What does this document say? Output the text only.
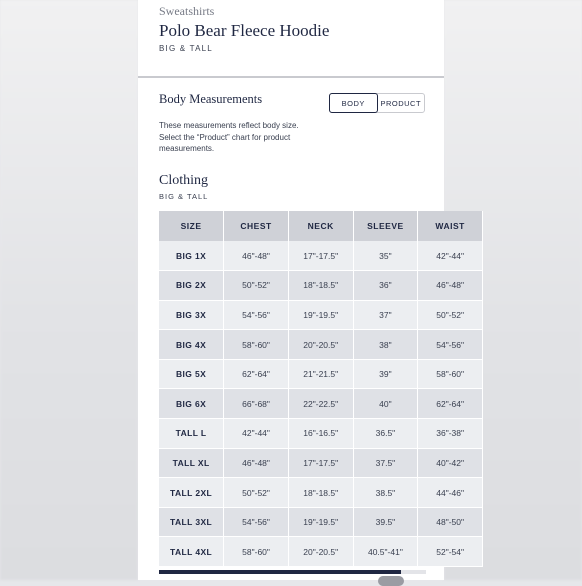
Sweatshirts
Polo Bear Fleece Hoodie
BIG & TALL
Body Measurements
These measurements reflect body size. Select the “Product” chart for product measurements.
BODY	PRODUCT
Clothing
BIG & TALL
SIZE	CHEST	NECK	SLEEVE	WAIST
BIG 1X	46"-48"	17"-17.5"	35"	42"-44"
BIG 2X	50"-52"	18"-18.5"	36"	46"-48"
BIG 3X	54"-56"	19"-19.5"	37"	50"-52"
BIG 4X	58"-60"	20"-20.5"	38"	54"-56"
BIG 5X	62"-64"	21"-21.5"	39"	58"-60"
BIG 6X	66"-68"	22"-22.5"	40"	62"-64"
TALL L	42"-44"	16"-16.5"	36.5"	36"-38"
TALL XL	46"-48"	17"-17.5"	37.5"	40"-42"
TALL 2XL	50"-52"	18"-18.5"	38.5"	44"-46"
TALL 3XL	54"-56"	19"-19.5"	39.5"	48"-50"
TALL 4XL	58"-60"	20"-20.5"	40.5"-41"	52"-54"
